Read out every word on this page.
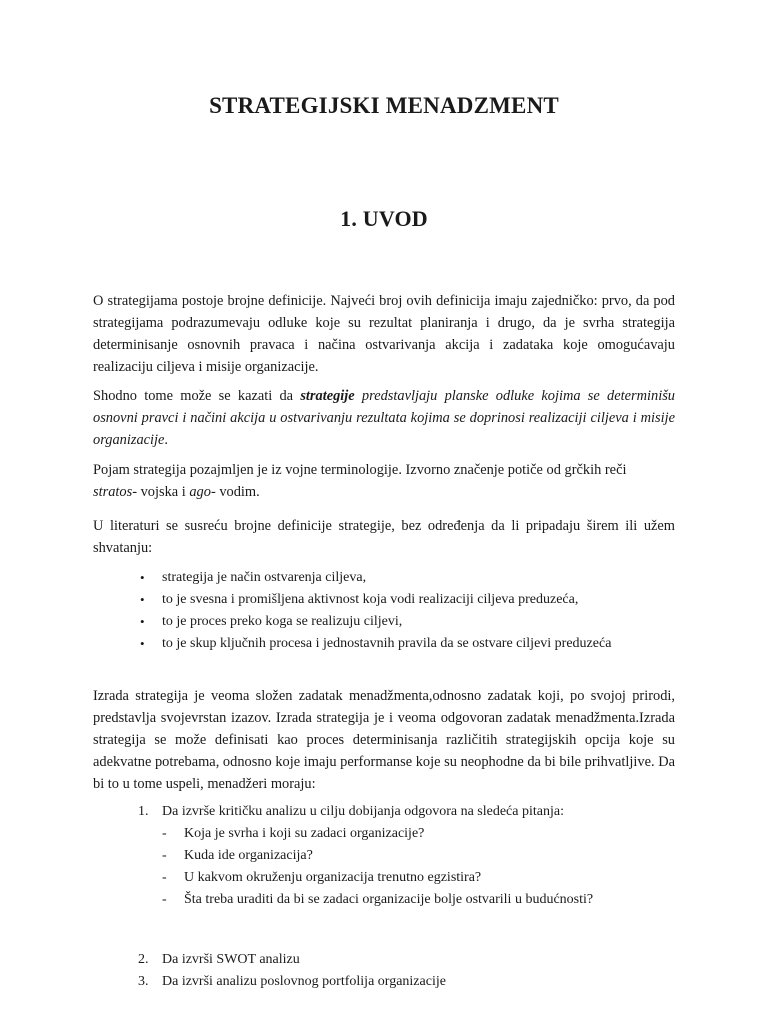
STRATEGIJSKI MENADZMENT
1. UVOD

O strategijama postoje brojne definicije. Najveći broj ovih definicija imaju zajedničko: prvo, da pod strategijama podrazumevaju odluke koje su rezultat planiranja i drugo, da je svrha strategija determinisanje osnovnih pravaca i načina ostvarivanja akcija i zadataka koje omogućavaju realizaciju ciljeva i misije organizacije.

Shodno tome može se kazati da strategije predstavljaju planske odluke kojima se determinišu osnovni pravci i načini akcija u ostvarivanju rezultata kojima se doprinosi realizaciji ciljeva i misije organizacije.

Pojam strategija pozajmljen je iz vojne terminologije. Izvorno značenje potiče od grčkih reči
stratos- vojska i ago- vodim.

U literaturi se susreću brojne definicije strategije, bez određenja da li pripadaju širem ili užem shvatanju:

• strategija je način ostvarenja ciljeva,
• to je svesna i promišljena aktivnost koja vodi realizaciji ciljeva preduzeća,
• to je proces preko koga se realizuju ciljevi,
• to je skup ključnih procesa i jednostavnih pravila da se ostvare ciljevi preduzeća

Izrada strategija je veoma složen zadatak menadžmenta,odnosno zadatak koji, po svojoj prirodi, predstavlja svojevrstan izazov. Izrada strategija je i veoma odgovoran zadatak menadžmenta.Izrada strategija se može definisati kao proces determinisanja različitih strategijskih opcija koje su adekvatne potrebama, odnosno koje imaju performanse koje su neophodne da bi bile prihvatljive. Da bi to u tome uspeli, menadžeri moraju:

1. Da izvrše kritičku analizu u cilju dobijanja odgovora na sledeća pitanja:
- Koja je svrha i koji su zadaci organizacije?
- Kuda ide organizacija?
- U kakvom okruženju organizacija trenutno egzistira?
- Šta treba uraditi da bi se zadaci organizacije bolje ostvarili u budućnosti?
2. Da izvrši SWOT analizu
3. Da izvrši analizu poslovnog portfolija organizacije
